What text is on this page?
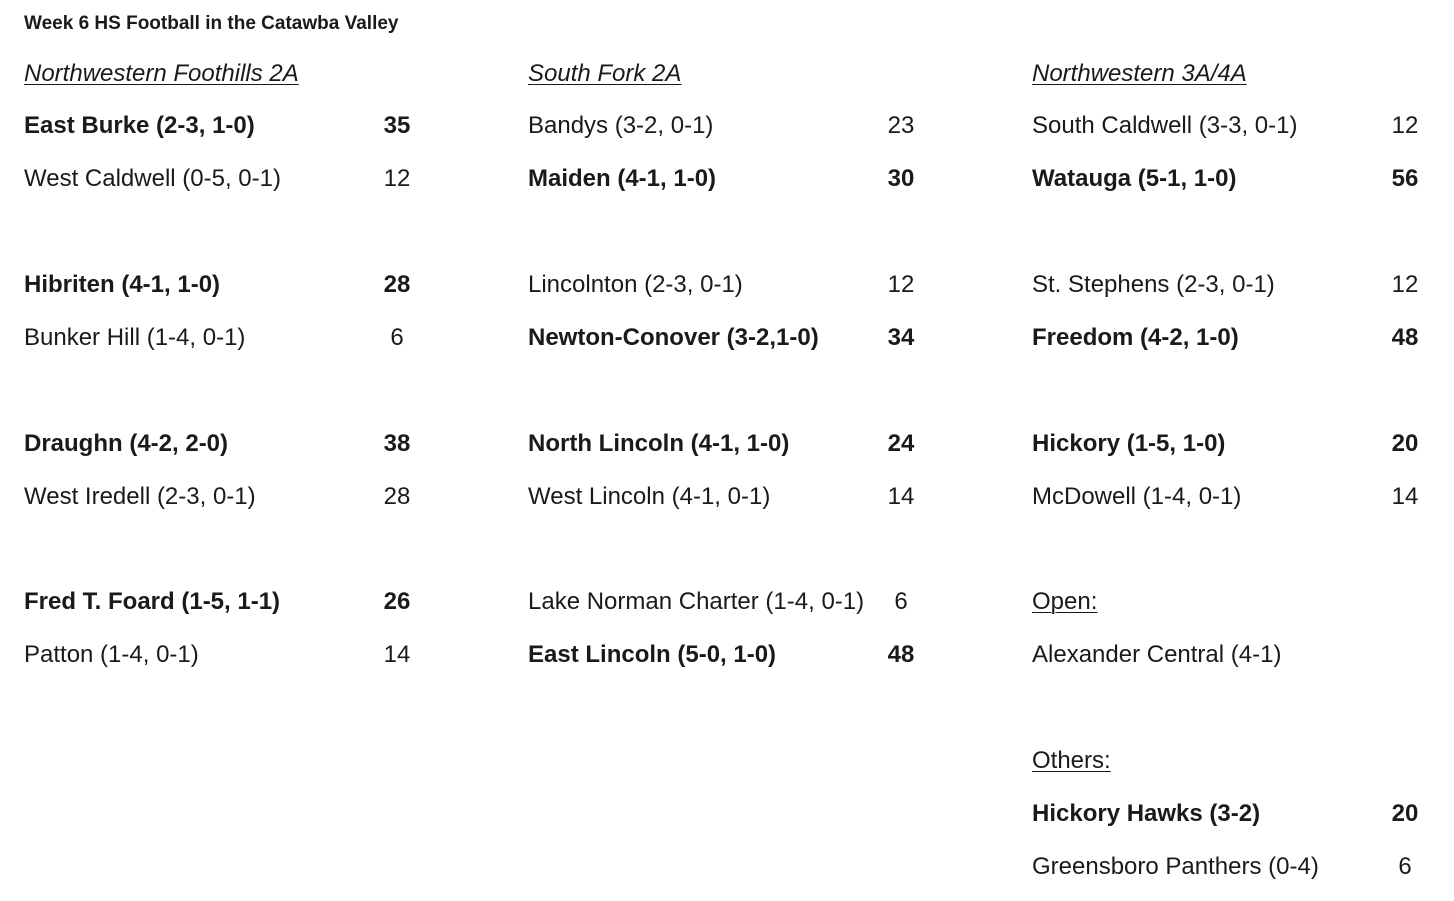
Week 6 HS Football in the Catawba Valley
Northwestern Foothills 2A
East Burke (2-3, 1-0)	35
West Caldwell (0-5, 0-1)	12
Hibriten (4-1, 1-0)	28
Bunker Hill (1-4, 0-1)	6
Draughn (4-2, 2-0)	38
West Iredell (2-3, 0-1)	28
Fred T. Foard (1-5, 1-1)	26
Patton (1-4, 0-1)	14
South Fork 2A
Bandys (3-2, 0-1)	23
Maiden (4-1, 1-0)	30
Lincolnton (2-3, 0-1)	12
Newton-Conover (3-2,1-0)	34
North Lincoln (4-1, 1-0)	24
West Lincoln (4-1, 0-1)	14
Lake Norman Charter (1-4, 0-1)	6
East Lincoln (5-0, 1-0)	48
Northwestern 3A/4A
South Caldwell (3-3, 0-1)	12
Watauga (5-1, 1-0)	56
St. Stephens (2-3, 0-1)	12
Freedom (4-2, 1-0)	48
Hickory (1-5, 1-0)	20
McDowell (1-4, 0-1)	14
Open:
Alexander Central (4-1)
Others:
Hickory Hawks (3-2)	20
Greensboro Panthers (0-4)	6
